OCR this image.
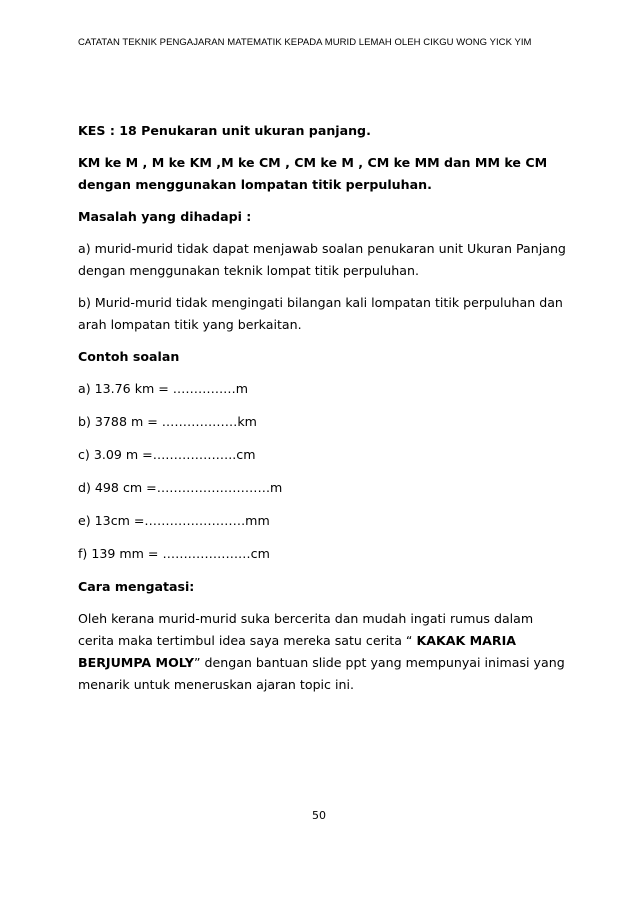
CATATAN TEKNIK PENGAJARAN MATEMATIK KEPADA MURID LEMAH OLEH CIKGU WONG YICK YIM

KES : 18 Penukaran unit ukuran panjang.

KM ke M , M ke KM ,M ke CM , CM ke M , CM ke MM dan MM ke CM dengan menggunakan lompatan titik perpuluhan.

Masalah yang dihadapi :

a) murid-murid tidak dapat menjawab soalan penukaran unit Ukuran Panjang dengan menggunakan teknik lompat titik perpuluhan.

b) Murid-murid tidak mengingati bilangan kali lompatan titik perpuluhan dan arah lompatan titik yang berkaitan.

Contoh soalan

a) 13.76 km = ……………m

b) 3788 m = ………………km

c) 3.09 m =………………..cm

d) 498 cm =………………………m

e) 13cm =……………………mm

f) 139 mm = …………………cm

Cara mengatasi:

Oleh kerana murid-murid suka bercerita dan mudah ingati rumus dalam cerita maka tertimbul idea saya mereka satu cerita “ KAKAK MARIA BERJUMPA MOLY” dengan bantuan slide ppt yang mempunyai inimasi yang menarik untuk meneruskan ajaran topic ini.

50
